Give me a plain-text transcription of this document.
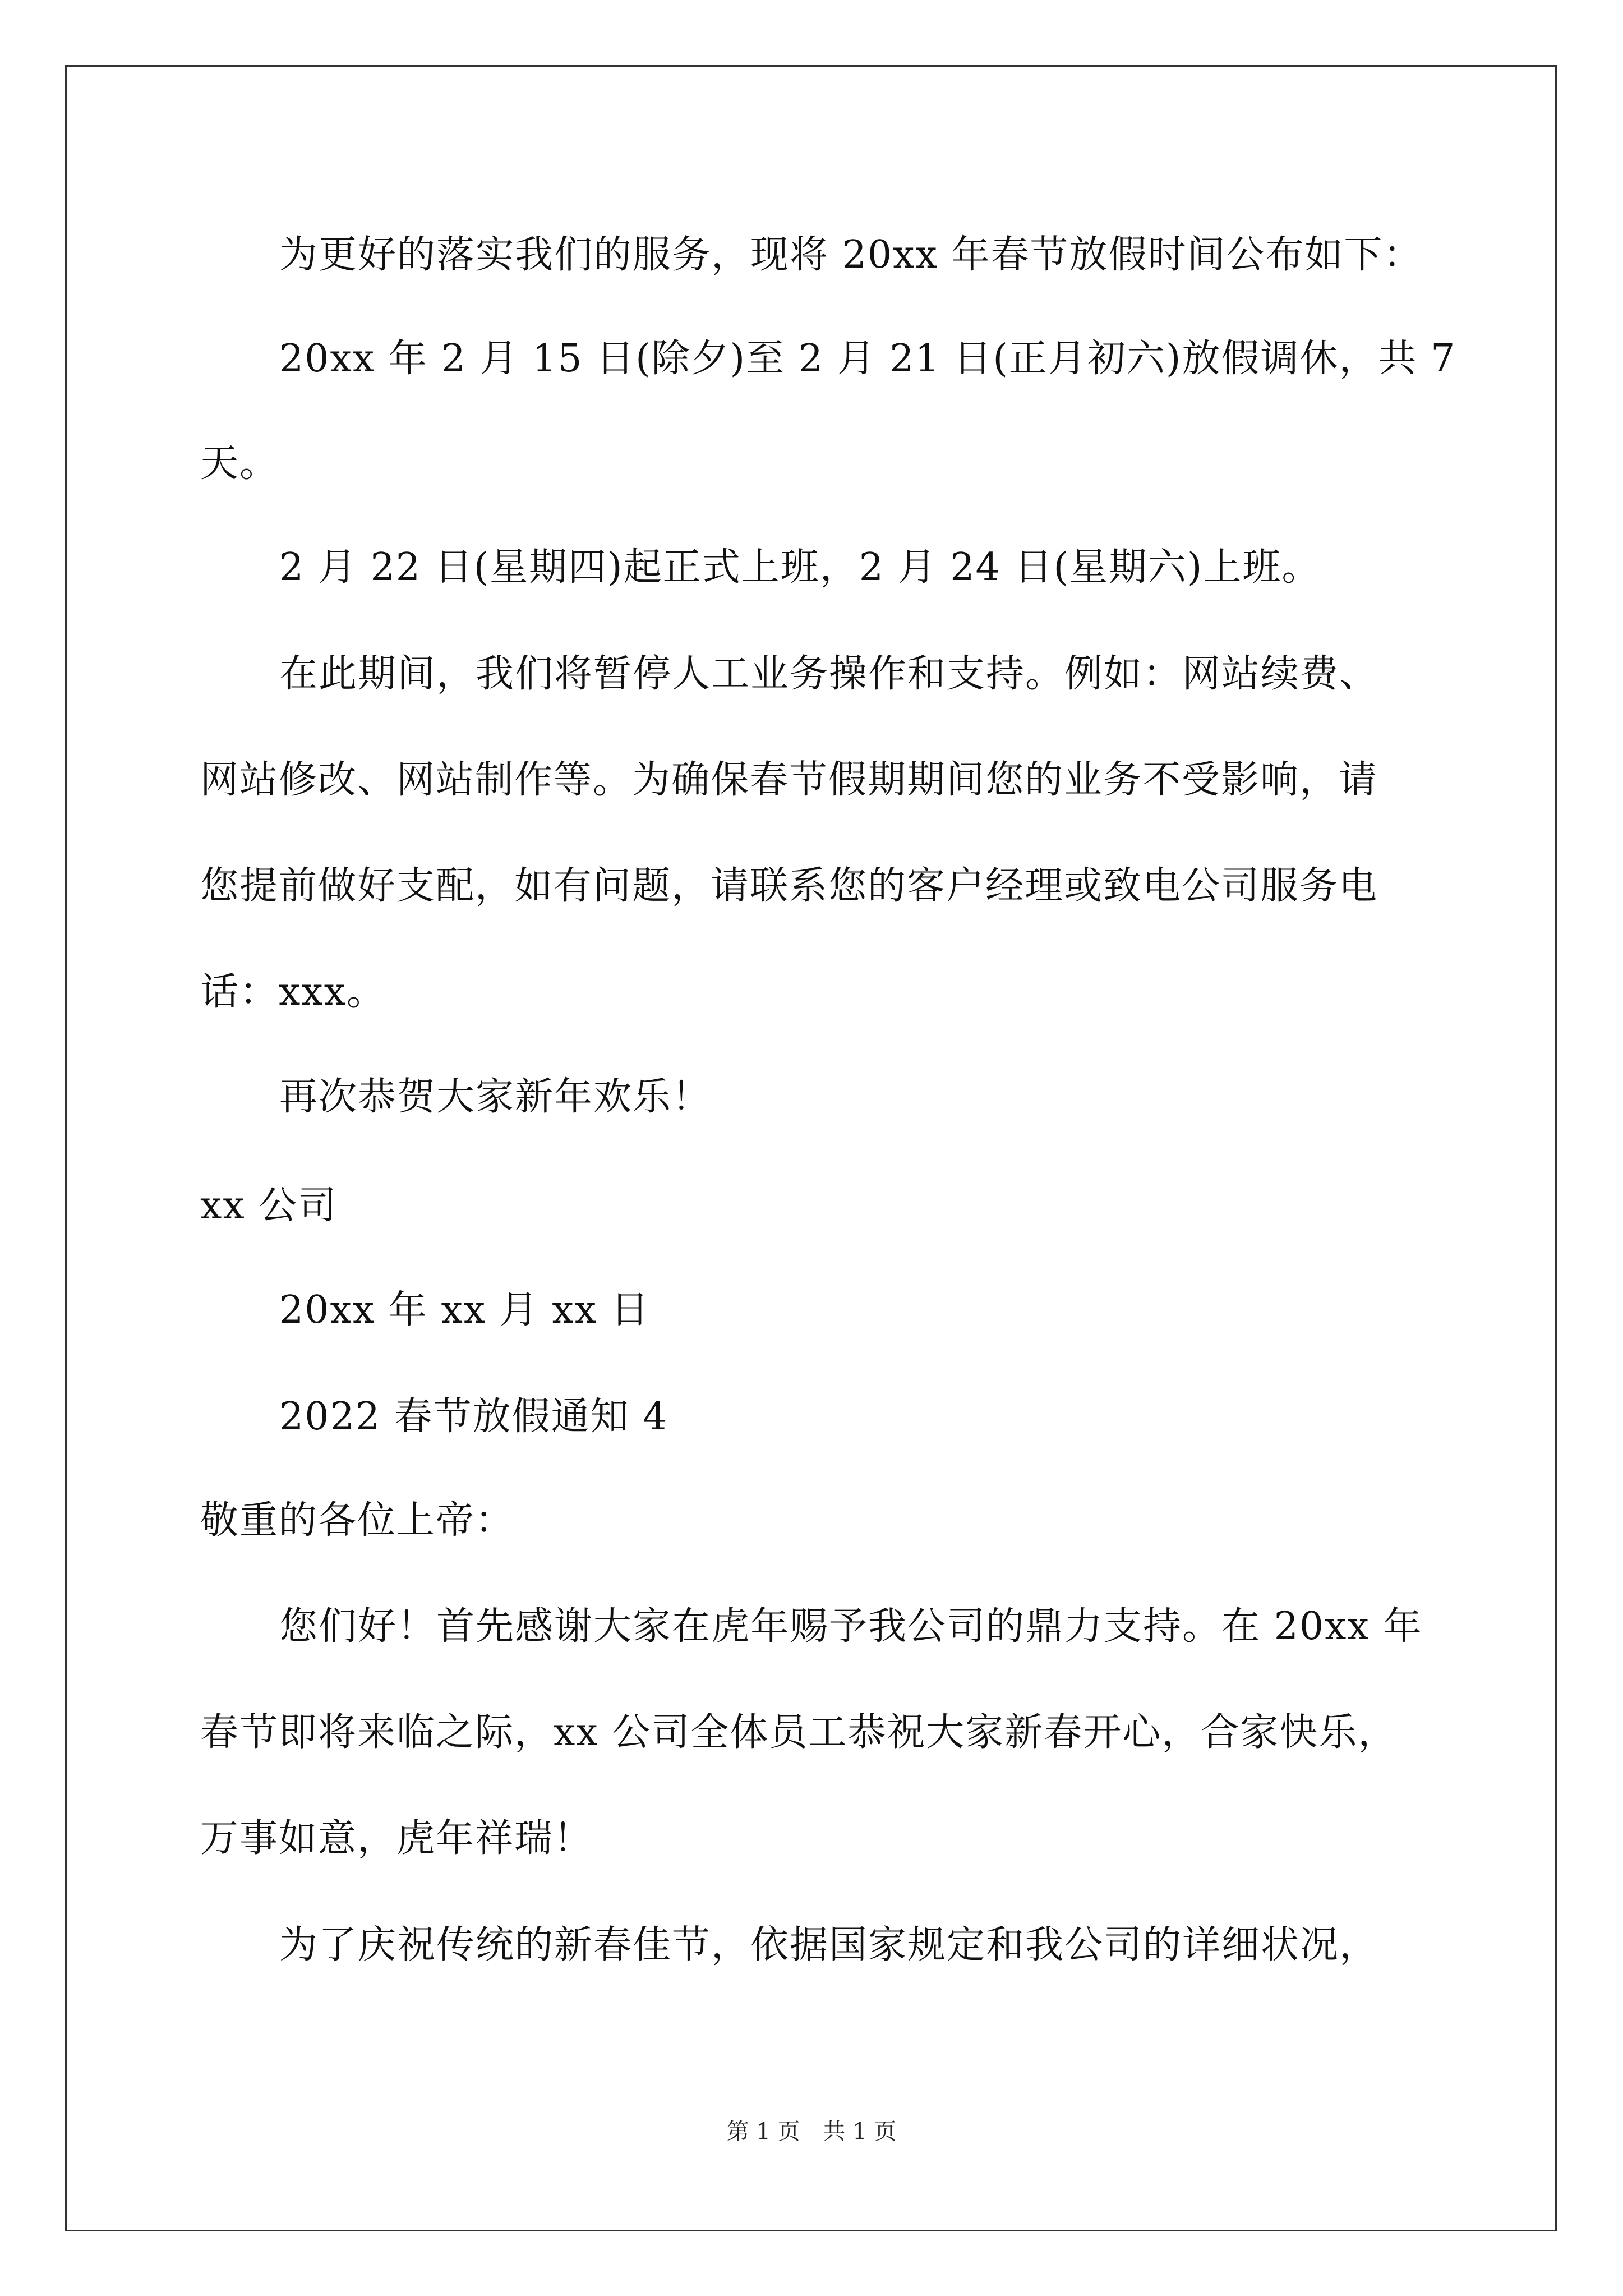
为更好的落实我们的服务，现将 20xx 年春节放假时间公布如下：
20xx 年 2 月 15 日(除夕)至 2 月 21 日(正月初六)放假调休，共 7
天。
2 月 22 日(星期四)起正式上班，2 月 24 日(星期六)上班。
在此期间，我们将暂停人工业务操作和支持。例如：网站续费、
网站修改、网站制作等。为确保春节假期期间您的业务不受影响，请
您提前做好支配，如有问题，请联系您的客户经理或致电公司服务电
话：xxx。
再次恭贺大家新年欢乐！
xx 公司
20xx 年 xx 月 xx 日
2022 春节放假通知 4
敬重的各位上帝：
您们好！首先感谢大家在虎年赐予我公司的鼎力支持。在 20xx 年
春节即将来临之际，xx 公司全体员工恭祝大家新春开心，合家快乐，
万事如意，虎年祥瑞！
为了庆祝传统的新春佳节，依据国家规定和我公司的详细状况，
第 1 页 共 1 页
